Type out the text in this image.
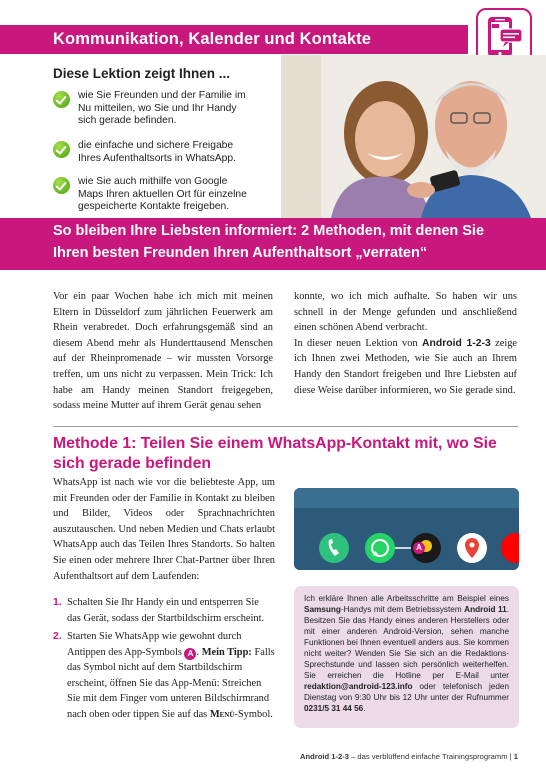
Kommunikation, Kalender und Kontakte
Diese Lektion zeigt Ihnen ...
wie Sie Freunden und der Familie im Nu mitteilen, wo Sie und Ihr Handy sich gerade befinden.
die einfache und sichere Freigabe Ihres Aufenthaltsorts in WhatsApp.
wie Sie auch mithilfe von Google Maps Ihren aktuellen Ort für einzelne gespeicherte Kontakte freigeben.
So bleiben Ihre Liebsten informiert: 2 Methoden, mit denen Sie Ihren besten Freunden Ihren Aufenthaltsort „verraten“
Vor ein paar Wochen habe ich mich mit meinen Eltern in Düsseldorf zum jährlichen Feuerwerk am Rhein verabredet. Doch erfahrungsgemäß sind an diesem Abend mehr als Hunderttausend Menschen auf der Rheinpromenade – wir mussten Vorsorge treffen, um uns nicht zu verpassen. Mein Trick: Ich habe am Handy meinen Standort freigegeben, sodass meine Mutter auf ihrem Gerät genau sehen
konnte, wo ich mich aufhalte. So haben wir uns schnell in der Menge gefunden und anschließend einen schönen Abend verbracht.
In dieser neuen Lektion von Android 1-2-3 zeige ich Ihnen zwei Methoden, wie Sie auch an Ihrem Handy den Standort freigeben und Ihre Liebsten auf diese Weise darüber informieren, wo Sie gerade sind.
Methode 1: Teilen Sie einem WhatsApp-Kontakt mit, wo Sie sich gerade befinden
WhatsApp ist nach wie vor die beliebteste App, um mit Freunden oder der Familie in Kontakt zu bleiben und Bilder, Videos oder Sprachnachrichten auszutauschen. Und neben Medien und Chats erlaubt WhatsApp auch das Teilen Ihres Standorts. So halten Sie einen oder mehrere Ihrer Chat-Partner über Ihren Aufenthaltsort auf dem Laufenden:
1. Schalten Sie Ihr Handy ein und entsperren Sie das Gerät, sodass der Startbildschirm erscheint.
2. Starten Sie WhatsApp wie gewohnt durch Antippen des App-Symbols A . Mein Tipp: Falls das Symbol nicht auf dem Startbildschirm erscheint, öffnen Sie das App-Menü: Streichen Sie mit dem Finger vom unteren Bildschirmrand nach oben oder tippen Sie auf das Menü-Symbol.
A
Ich erkläre Ihnen alle Arbeitsschritte am Beispiel eines Samsung-Handys mit dem Betriebssystem Android 11. Besitzen Sie das Handy eines anderen Herstellers oder mit einer anderen Android-Version, sehen manche Funktionen bei Ihnen eventuell anders aus. Sie kommen nicht weiter? Wenden Sie Sie sich an die Redaktions-Sprechstunde und lassen sich persönlich weiterhelfen. Sie erreichen die Hotline per E-Mail unter redaktion@android-123.info oder telefonisch jeden Dienstag von 9:30 Uhr bis 12 Uhr unter der Rufnummer 0231/5 31 44 56.
Android 1-2-3 – das verblüffend einfache Trainingsprogramm | 1
